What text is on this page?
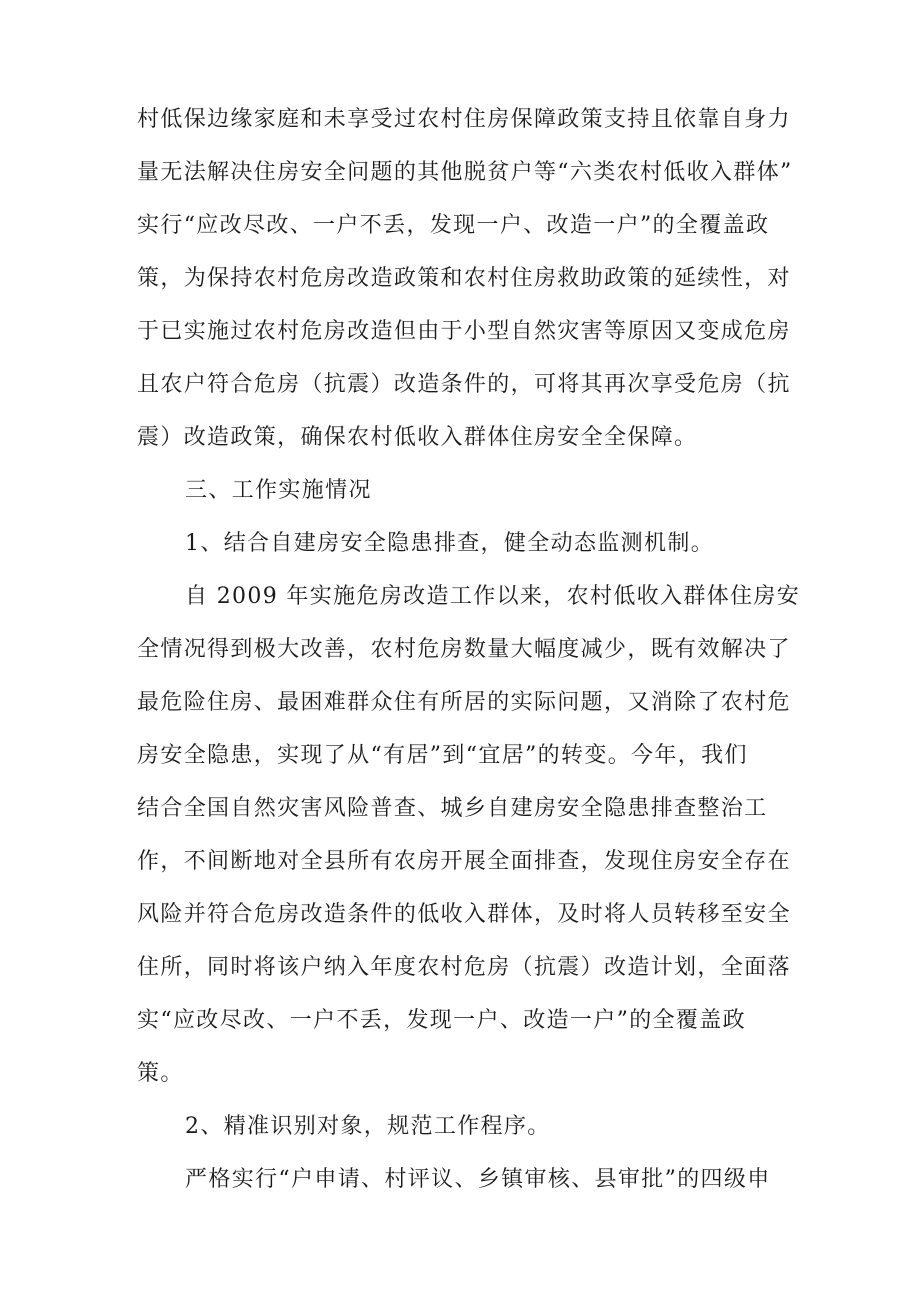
村低保边缘家庭和未享受过农村住房保障政策支持且依靠自身力
量无法解决住房安全问题的其他脱贫户等“六类农村低收入群体”
实行“应改尽改、一户不丢，发现一户、改造一户”的全覆盖政
策，为保持农村危房改造政策和农村住房救助政策的延续性，对
于已实施过农村危房改造但由于小型自然灾害等原因又变成危房
且农户符合危房（抗震）改造条件的，可将其再次享受危房（抗
震）改造政策，确保农村低收入群体住房安全全保障。
三、工作实施情况
1、结合自建房安全隐患排查，健全动态监测机制。
自 2009 年实施危房改造工作以来，农村低收入群体住房安
全情况得到极大改善，农村危房数量大幅度减少，既有效解决了
最危险住房、最困难群众住有所居的实际问题，又消除了农村危
房安全隐患，实现了从“有居”到“宜居”的转变。今年，我们
结合全国自然灾害风险普查、城乡自建房安全隐患排查整治工
作，不间断地对全县所有农房开展全面排查，发现住房安全存在
风险并符合危房改造条件的低收入群体，及时将人员转移至安全
住所，同时将该户纳入年度农村危房（抗震）改造计划，全面落
实“应改尽改、一户不丢，发现一户、改造一户”的全覆盖政
策。
2、精准识别对象，规范工作程序。
严格实行“户申请、村评议、乡镇审核、县审批”的四级申
